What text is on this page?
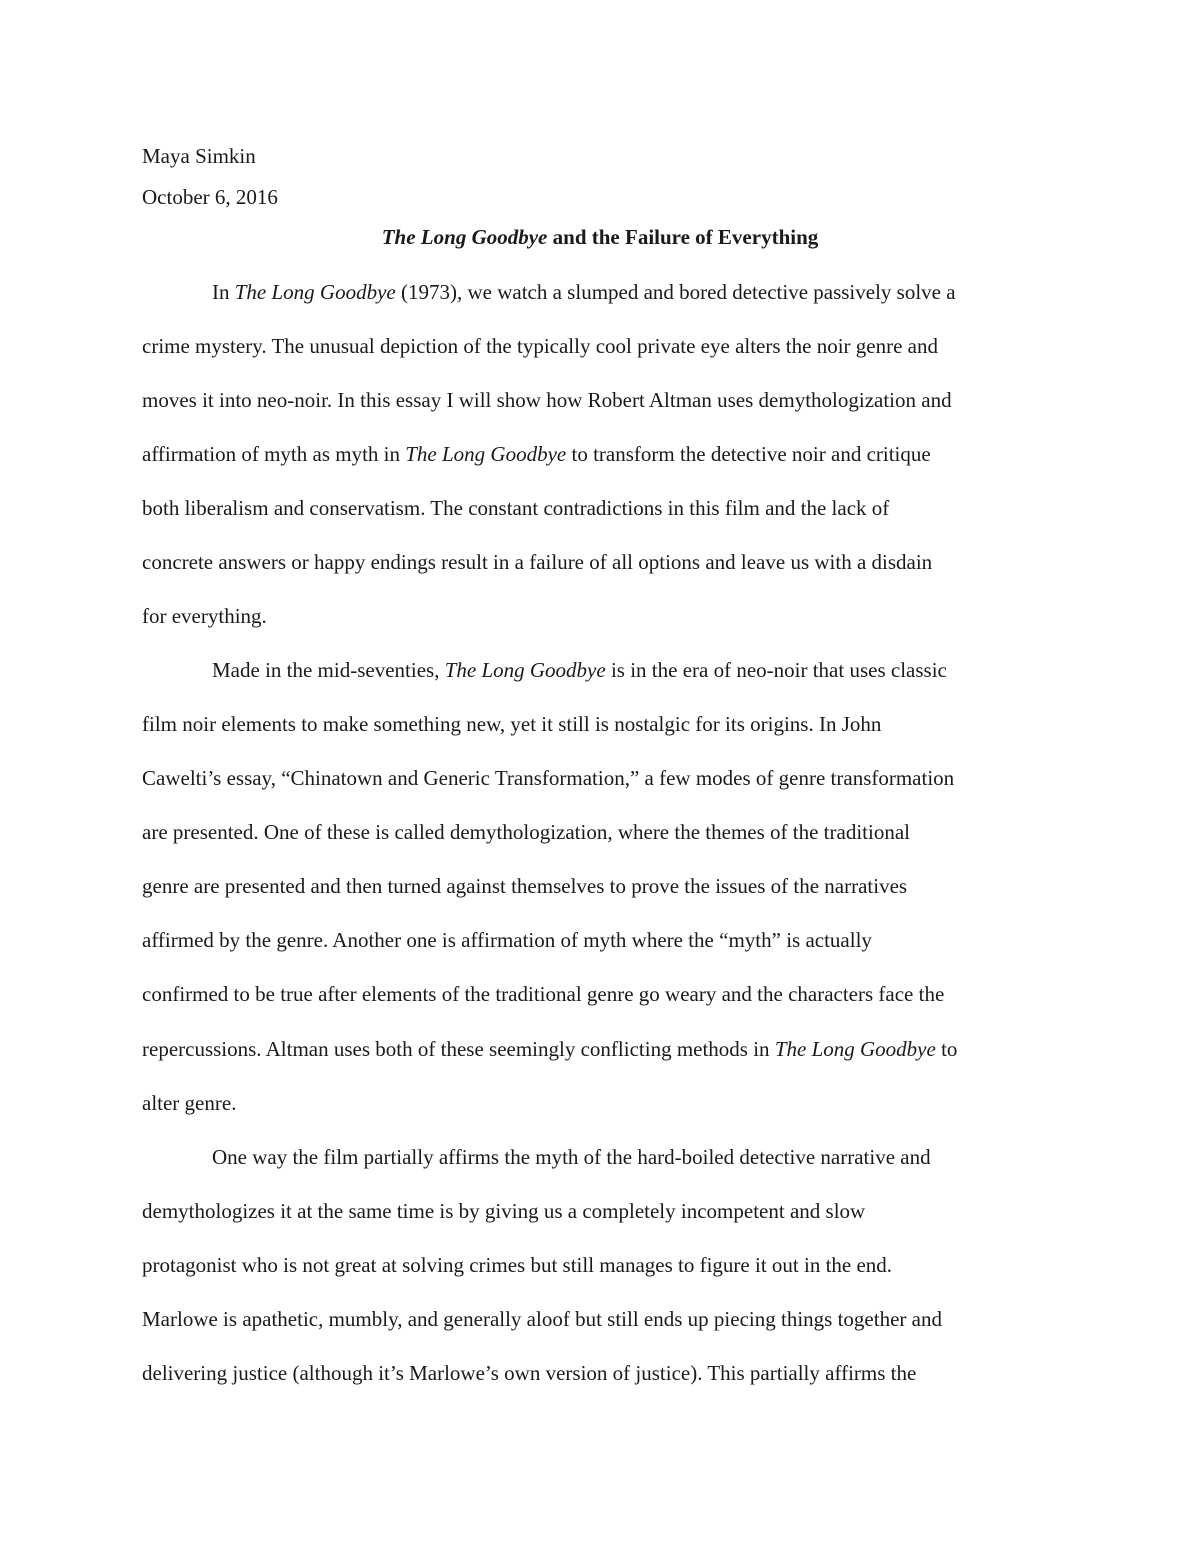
Maya Simkin
October 6, 2016
The Long Goodbye and the Failure of Everything
In The Long Goodbye (1973), we watch a slumped and bored detective passively solve a
crime mystery. The unusual depiction of the typically cool private eye alters the noir genre and
moves it into neo-noir. In this essay I will show how Robert Altman uses demythologization and
affirmation of myth as myth in The Long Goodbye to transform the detective noir and critique
both liberalism and conservatism. The constant contradictions in this film and the lack of
concrete answers or happy endings result in a failure of all options and leave us with a disdain
for everything.
Made in the mid-seventies, The Long Goodbye is in the era of neo-noir that uses classic
film noir elements to make something new, yet it still is nostalgic for its origins. In John
Cawelti’s essay, “Chinatown and Generic Transformation,” a few modes of genre transformation
are presented. One of these is called demythologization, where the themes of the traditional
genre are presented and then turned against themselves to prove the issues of the narratives
affirmed by the genre. Another one is affirmation of myth where the “myth” is actually
confirmed to be true after elements of the traditional genre go weary and the characters face the
repercussions. Altman uses both of these seemingly conflicting methods in The Long Goodbye to
alter genre.
One way the film partially affirms the myth of the hard-boiled detective narrative and
demythologizes it at the same time is by giving us a completely incompetent and slow
protagonist who is not great at solving crimes but still manages to figure it out in the end.
Marlowe is apathetic, mumbly, and generally aloof but still ends up piecing things together and
delivering justice (although it’s Marlowe’s own version of justice). This partially affirms the
